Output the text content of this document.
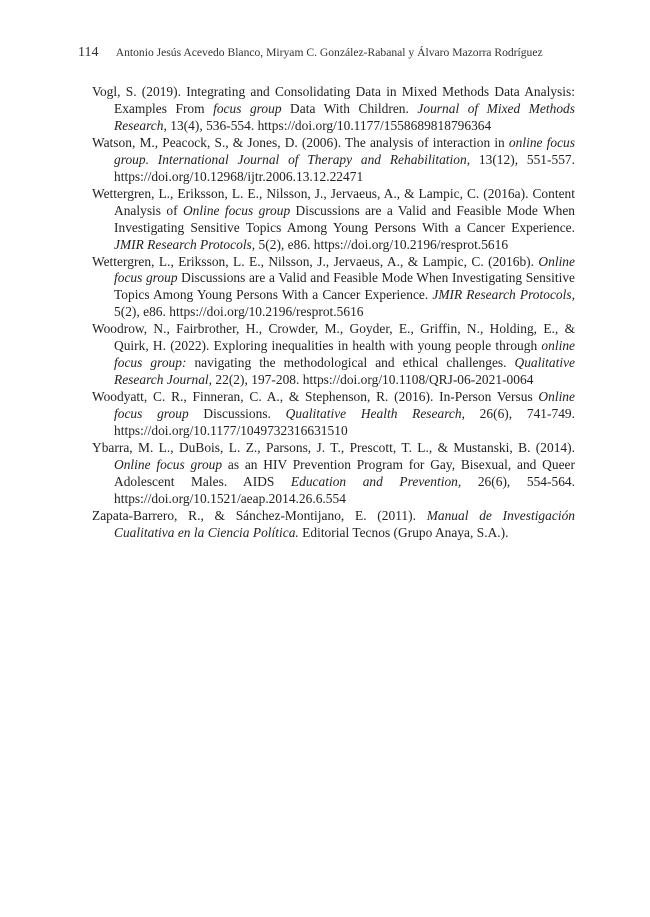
114 Antonio Jesús Acevedo Blanco, Miryam C. González-Rabanal y Álvaro Mazorra Rodríguez
Vogl, S. (2019). Integrating and Consolidating Data in Mixed Methods Data Analysis: Examples From focus group Data With Children. Journal of Mixed Methods Research, 13(4), 536-554. https://doi.org/10.1177/1558689818796364
Watson, M., Peacock, S., & Jones, D. (2006). The analysis of interaction in online focus group. International Journal of Therapy and Rehabilitation, 13(12), 551-557. https://doi.org/10.12968/ijtr.2006.13.12.22471
Wettergren, L., Eriksson, L. E., Nilsson, J., Jervaeus, A., & Lampic, C. (2016a). Content Analysis of Online focus group Discussions are a Valid and Feasible Mode When Investigating Sensitive Topics Among Young Persons With a Cancer Experience. JMIR Research Protocols, 5(2), e86. https://doi.org/10.2196/resprot.5616
Wettergren, L., Eriksson, L. E., Nilsson, J., Jervaeus, A., & Lampic, C. (2016b). Online focus group Discussions are a Valid and Feasible Mode When Investigating Sensitive Topics Among Young Persons With a Cancer Experience. JMIR Research Protocols, 5(2), e86. https://doi.org/10.2196/resprot.5616
Woodrow, N., Fairbrother, H., Crowder, M., Goyder, E., Griffin, N., Holding, E., & Quirk, H. (2022). Exploring inequalities in health with young people through online focus group: navigating the methodological and ethical challenges. Qualitative Research Journal, 22(2), 197-208. https://doi.org/10.1108/QRJ-06-2021-0064
Woodyatt, C. R., Finneran, C. A., & Stephenson, R. (2016). In-Person Versus Online focus group Discussions. Qualitative Health Research, 26(6), 741-749. https://doi.org/10.1177/1049732316631510
Ybarra, M. L., DuBois, L. Z., Parsons, J. T., Prescott, T. L., & Mustanski, B. (2014). Online focus group as an HIV Prevention Program for Gay, Bisexual, and Queer Adolescent Males. AIDS Education and Prevention, 26(6), 554-564. https://doi.org/10.1521/aeap.2014.26.6.554
Zapata-Barrero, R., & Sánchez-Montijano, E. (2011). Manual de Investigación Cualitativa en la Ciencia Política. Editorial Tecnos (Grupo Anaya, S.A.).
